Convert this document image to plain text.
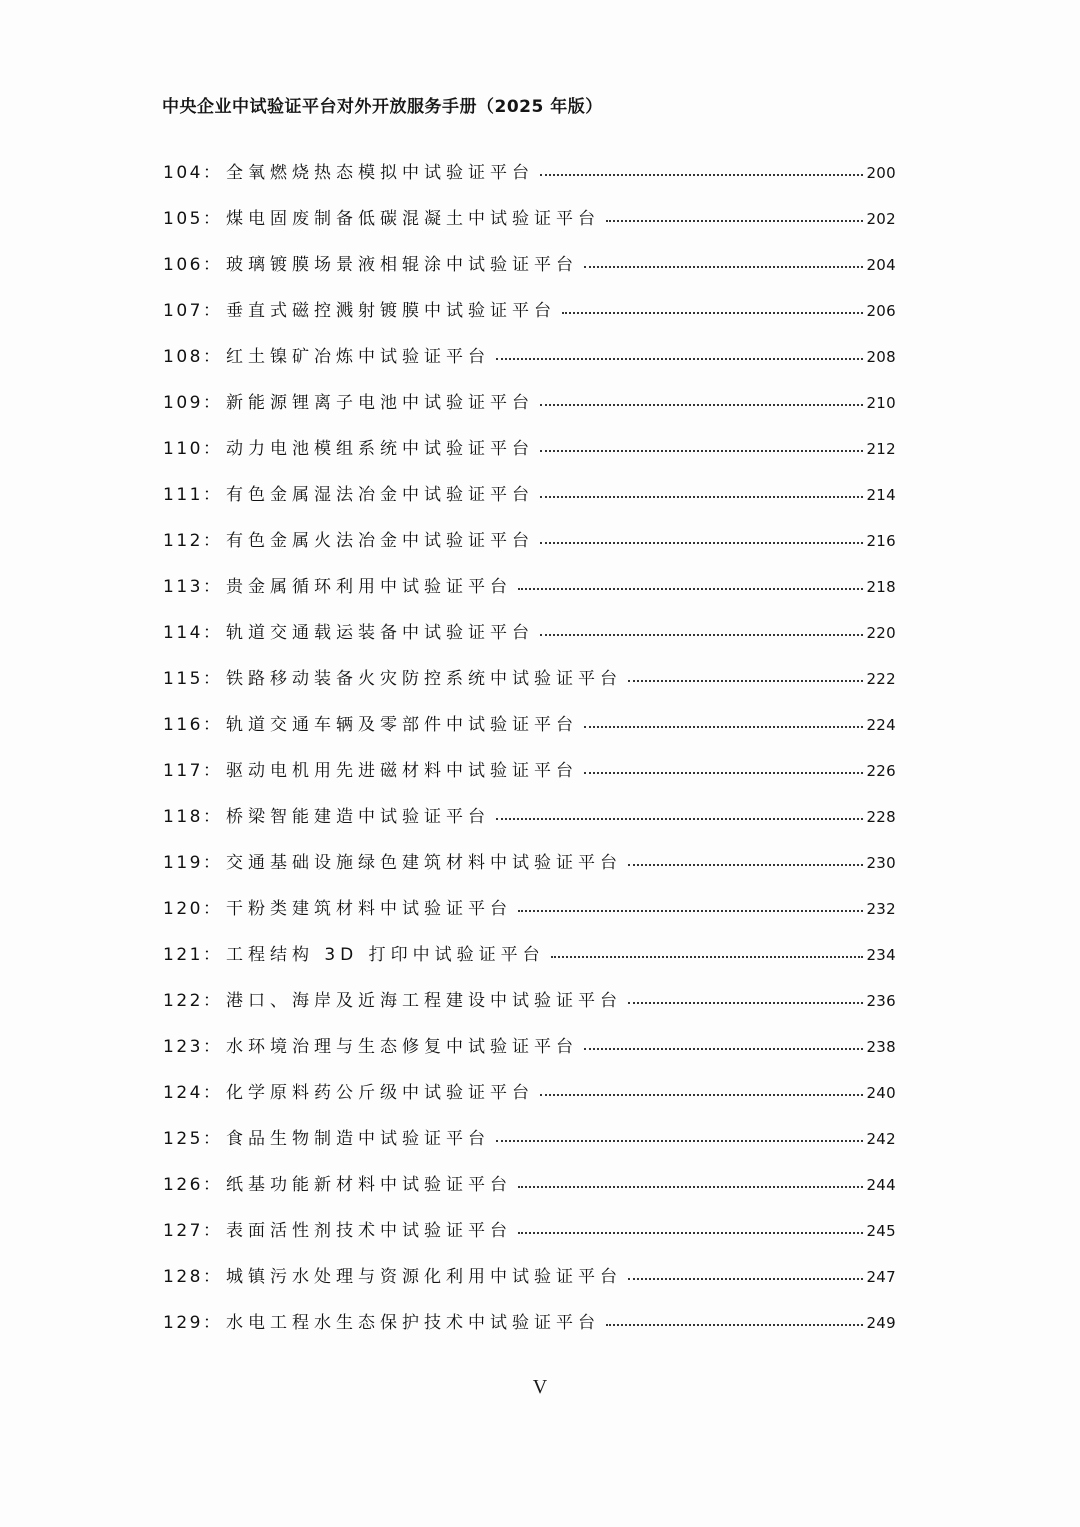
中央企业中试验证平台对外开放服务手册（2025 年版）
104 ： 全氧燃烧热态模拟中试验证平台	200
105 ： 煤电固废制备低碳混凝土中试验证平台	202
106 ： 玻璃镀膜场景液相辊涂中试验证平台	204
107 ： 垂直式磁控溅射镀膜中试验证平台	206
108 ： 红土镍矿冶炼中试验证平台	208
109 ： 新能源锂离子电池中试验证平台	210
110 ： 动力电池模组系统中试验证平台	212
111 ： 有色金属湿法冶金中试验证平台	214
112 ： 有色金属火法冶金中试验证平台	216
113 ： 贵金属循环利用中试验证平台	218
114 ： 轨道交通载运装备中试验证平台	220
115 ： 铁路移动装备火灾防控系统中试验证平台	222
116 ： 轨道交通车辆及零部件中试验证平台	224
117 ： 驱动电机用先进磁材料中试验证平台	226
118 ： 桥梁智能建造中试验证平台	228
119 ： 交通基础设施绿色建筑材料中试验证平台	230
120 ： 干粉类建筑材料中试验证平台	232
121 ： 工程结构 3D 打印中试验证平台	234
122 ： 港口、海岸及近海工程建设中试验证平台	236
123 ： 水环境治理与生态修复中试验证平台	238
124 ： 化学原料药公斤级中试验证平台	240
125 ： 食品生物制造中试验证平台	242
126 ： 纸基功能新材料中试验证平台	244
127 ： 表面活性剂技术中试验证平台	245
128 ： 城镇污水处理与资源化利用中试验证平台	247
129 ： 水电工程水生态保护技术中试验证平台	249
V
